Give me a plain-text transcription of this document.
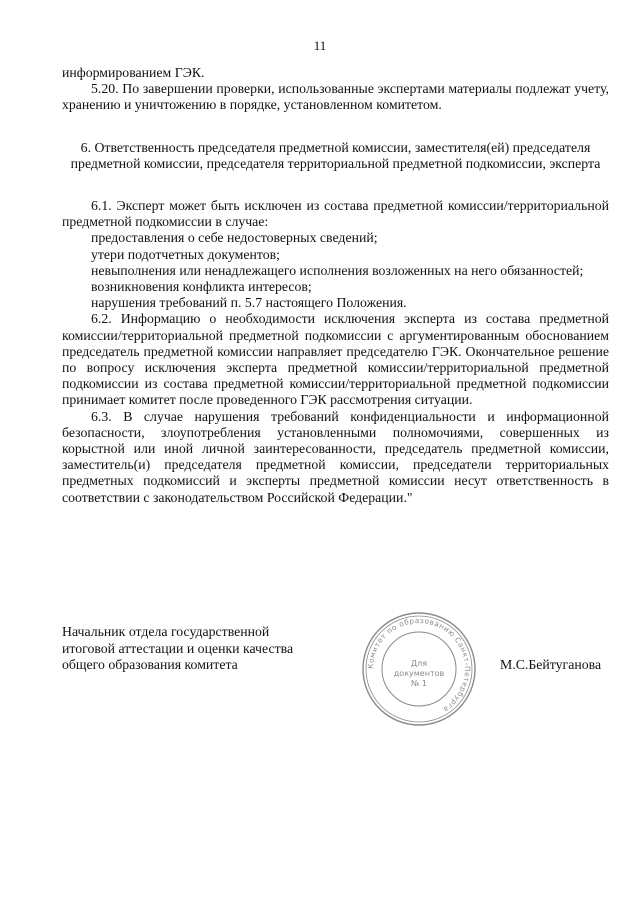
11

информированием ГЭК.

5.20. По завершении проверки, использованные экспертами материалы подлежат учету, хранению и уничтожению в порядке, установленном комитетом.

6. Ответственность председателя предметной комиссии, заместителя(ей) председателя предметной комиссии, председателя территориальной предметной подкомиссии, эксперта

6.1. Эксперт может быть исключен из состава предметной комиссии/территориальной предметной подкомиссии в случае:

предоставления о себе недостоверных сведений;

утери подотчетных документов;

невыполнения или ненадлежащего исполнения возложенных на него обязанностей;

возникновения конфликта интересов;

нарушения требований п. 5.7 настоящего Положения.

6.2. Информацию о необходимости исключения эксперта из состава предметной комиссии/территориальной предметной подкомиссии с аргументированным обоснованием председатель предметной комиссии направляет председателю ГЭК. Окончательное решение по вопросу исключения эксперта предметной комиссии/территориальной предметной подкомиссии из состава предметной комиссии/территориальной предметной подкомиссии принимает комитет после проведенного ГЭК рассмотрения ситуации.

6.3. В случае нарушения требований конфиденциальности и информационной безопасности, злоупотребления установленными полномочиями, совершенных из корыстной или иной личной заинтересованности, председатель предметной комиссии, заместитель(и) председателя предметной комиссии, председатели территориальных предметных подкомиссий и эксперты предметной комиссии несут ответственность в соответствии с законодательством Российской Федерации."

Начальник отдела государственной итоговой аттестации и оценки качества общего образования комитета	М.С.Бейтуганова
Комитет по образованию Санкт-Петербурга
Для
документов
№ 1
